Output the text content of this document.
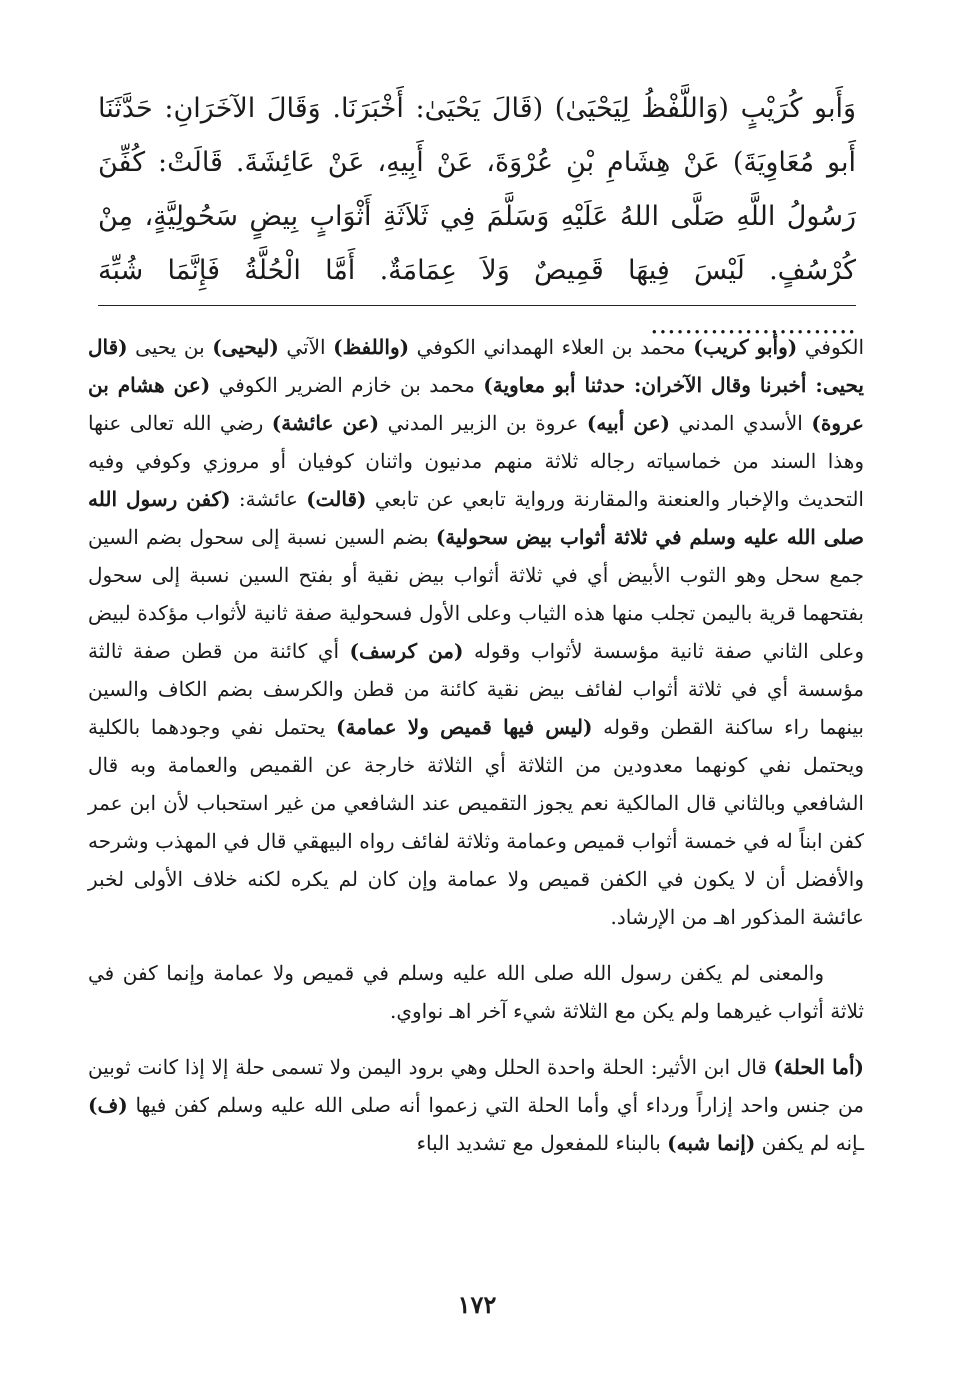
وَأَبو كُرَيْبٍ (وَاللَّفْظُ لِيَحْيَىٰ) (قَالَ يَحْيَىٰ: أَخْبَرَنَا. وَقَالَ الآخَرَانِ: حَدَّثَنَا أَبو مُعَاوِيَةَ) عَنْ هِشَامِ بْنِ عُرْوَةَ، عَنْ أَبِيهِ، عَنْ عَائِشَةَ. قَالَتْ: كُفِّنَ رَسُولُ اللَّهِ صَلَّى اللهُ عَلَيْهِ وَسَلَّمَ فِي ثَلاَثَةِ أَثْوَابٍ بِيضٍ سَحُولِيَّةٍ، مِنْ كُرْسُفٍ. لَيْسَ فِيهَا قَمِيصٌ وَلاَ عِمَامَةٌ. أَمَّا الْحُلَّةُ فَإِنَّمَا شُبِّهَ ........................

الكوفي (وأبو كريب) محمد بن العلاء الهمداني الكوفي (واللفظ) الآتي (ليحيى) بن يحيى (قال يحيى: أخبرنا وقال الآخران: حدثنا أبو معاوية) محمد بن خازم الضرير الكوفي (عن هشام بن عروة) الأسدي المدني (عن أبيه) عروة بن الزبير المدني (عن عائشة) رضي الله تعالى عنها وهذا السند من خماسياته رجاله ثلاثة منهم مدنيون واثنان كوفيان أو مروزي وكوفي وفيه التحديث والإخبار والعنعنة والمقارنة ورواية تابعي عن تابعي (قالت) عائشة: (كفن رسول الله صلى الله عليه وسلم في ثلاثة أثواب بيض سحولية) بضم السين نسبة إلى سحول بضم السين جمع سحل وهو الثوب الأبيض أي في ثلاثة أثواب بيض نقية أو بفتح السين نسبة إلى سحول بفتحهما قرية باليمن تجلب منها هذه الثياب وعلى الأول فسحولية صفة ثانية لأثواب مؤكدة لبيض وعلى الثاني صفة ثانية مؤسسة لأثواب وقوله (من كرسف) أي كائنة من قطن صفة ثالثة مؤسسة أي في ثلاثة أثواب لفائف بيض نقية كائنة من قطن والكرسف بضم الكاف والسين بينهما راء ساكنة القطن وقوله (ليس فيها قميص ولا عمامة) يحتمل نفي وجودهما بالكلية ويحتمل نفي كونهما معدودين من الثلاثة أي الثلاثة خارجة عن القميص والعمامة وبه قال الشافعي وبالثاني قال المالكية نعم يجوز التقميص عند الشافعي من غير استحباب لأن ابن عمر كفن ابناً له في خمسة أثواب قميص وعمامة وثلاثة لفائف رواه البيهقي قال في المهذب وشرحه والأفضل أن لا يكون في الكفن قميص ولا عمامة وإن كان لم يكره لكنه خلاف الأولى لخبر عائشة المذكور اهـ من الإرشاد.

والمعنى لم يكفن رسول الله صلى الله عليه وسلم في قميص ولا عمامة وإنما كفن في ثلاثة أثواب غيرهما ولم يكن مع الثلاثة شيء آخر اهـ نواوي.

(أما الحلة) قال ابن الأثير: الحلة واحدة الحلل وهي برود اليمن ولا تسمى حلة إلا إذا كانت ثوبين من جنس واحد إزاراً ورداء أي وأما الحلة التي زعموا أنه صلى الله عليه وسلم كفن فيها (ف) ـإنه لم يكفن (إنما شبه) بالبناء للمفعول مع تشديد الباء

١٧٢
